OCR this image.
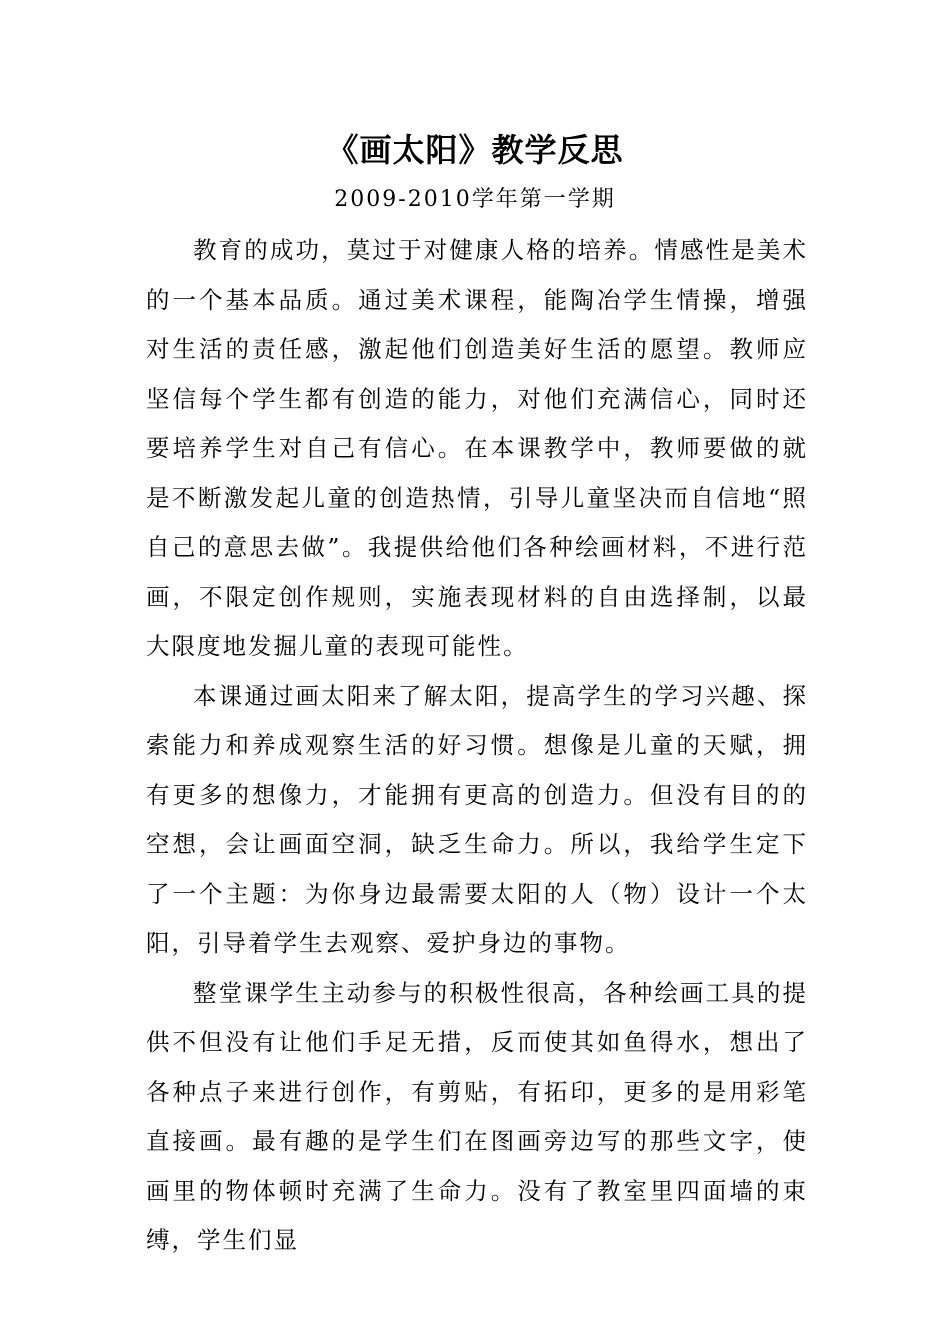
《画太阳》教学反思
2009-2010学年第一学期

教育的成功，莫过于对健康人格的培养。情感性是美术的一个基本品质。通过美术课程，能陶冶学生情操，增强对生活的责任感，激起他们创造美好生活的愿望。教师应坚信每个学生都有创造的能力，对他们充满信心，同时还要培养学生对自己有信心。在本课教学中，教师要做的就是不断激发起儿童的创造热情，引导儿童坚决而自信地“照自己的意思去做”。我提供给他们各种绘画材料，不进行范画，不限定创作规则，实施表现材料的自由选择制，以最大限度地发掘儿童的表现可能性。

本课通过画太阳来了解太阳，提高学生的学习兴趣、探索能力和养成观察生活的好习惯。想像是儿童的天赋，拥有更多的想像力，才能拥有更高的创造力。但没有目的的空想，会让画面空洞，缺乏生命力。所以，我给学生定下了一个主题：为你身边最需要太阳的人（物）设计一个太阳，引导着学生去观察、爱护身边的事物。

整堂课学生主动参与的积极性很高，各种绘画工具的提供不但没有让他们手足无措，反而使其如鱼得水，想出了各种点子来进行创作，有剪贴，有拓印，更多的是用彩笔直接画。最有趣的是学生们在图画旁边写的那些文字，使画里的物体顿时充满了生命力。没有了教室里四面墙的束缚，学生们显
